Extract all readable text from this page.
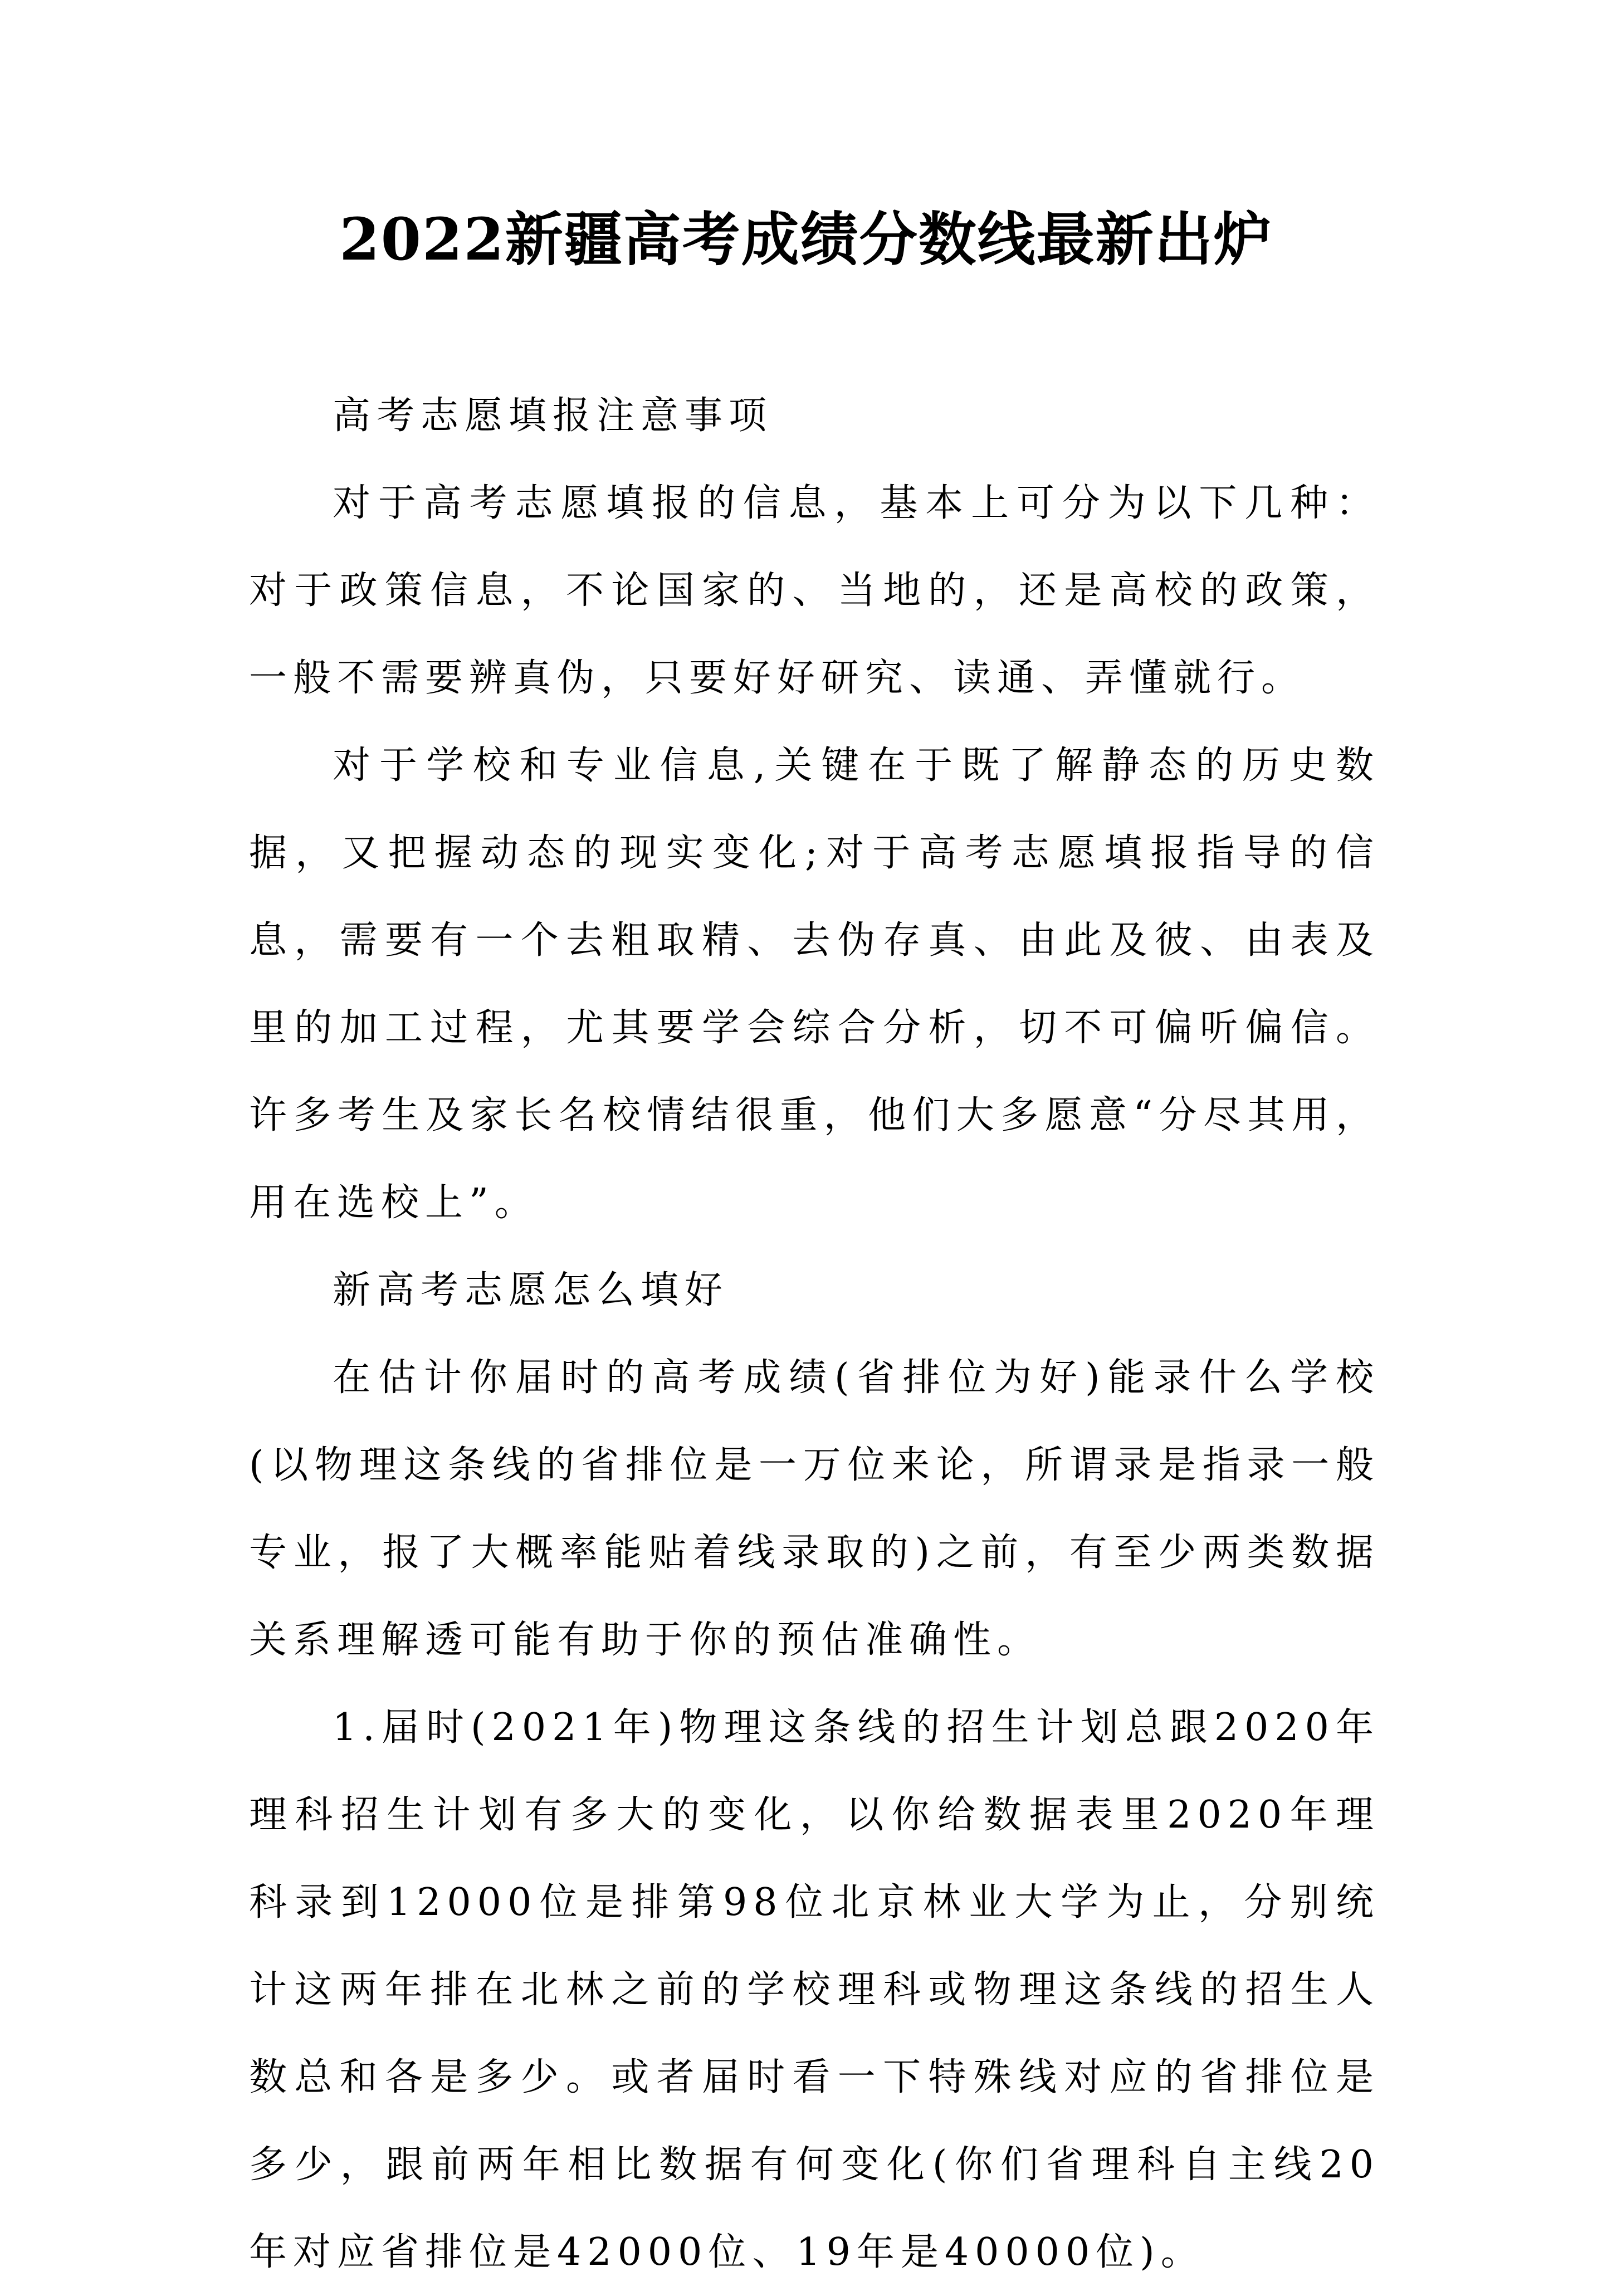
2022新疆高考成绩分数线最新出炉

高考志愿填报注意事项

对于高考志愿填报的信息，基本上可分为以下几种：对于政策信息，不论国家的、当地的，还是高校的政策，一般不需要辨真伪，只要好好研究、读通、弄懂就行。

对于学校和专业信息,关键在于既了解静态的历史数据，又把握动态的现实变化;对于高考志愿填报指导的信息，需要有一个去粗取精、去伪存真、由此及彼、由表及里的加工过程，尤其要学会综合分析，切不可偏听偏信。许多考生及家长名校情结很重，他们大多愿意“分尽其用，用在选校上”。

新高考志愿怎么填好

在估计你届时的高考成绩(省排位为好)能录什么学校(以物理这条线的省排位是一万位来论，所谓录是指录一般专业，报了大概率能贴着线录取的)之前，有至少两类数据关系理解透可能有助于你的预估准确性。

1.届时(2021年)物理这条线的招生计划总跟2020年理科招生计划有多大的变化，以你给数据表里2020年理科录到12000位是排第98位北京林业大学为止，分别统计这两年排在北林之前的学校理科或物理这条线的招生人数总和各是多少。或者届时看一下特殊线对应的省排位是多少，跟前两年相比数据有何变化(你们省理科自主线20年对应省排位是42000位、19年是40000位)。
